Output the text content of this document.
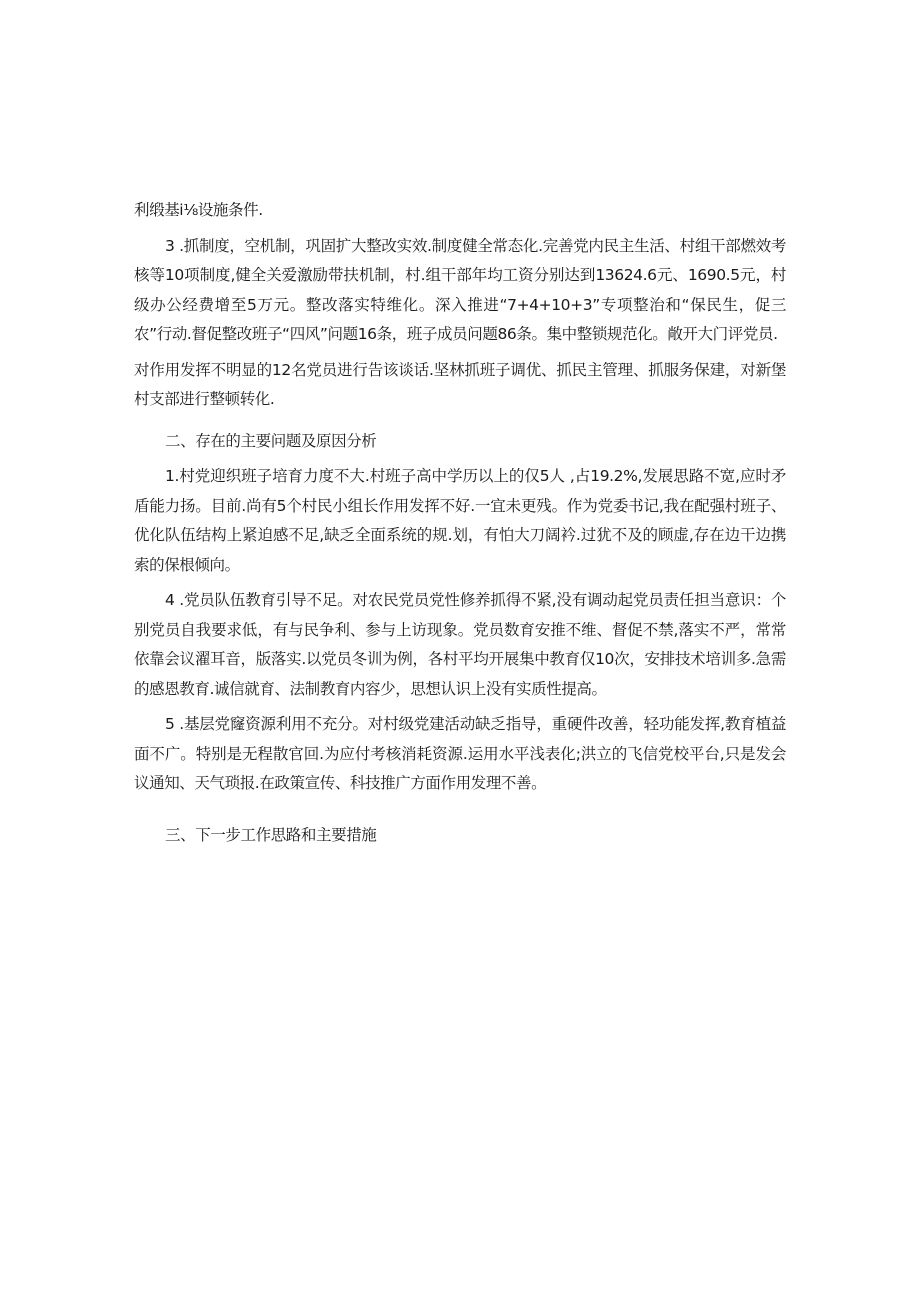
利缎基i⅛设施条件.

3 .抓制度，空机制，巩固扩大整改实效.制度健全常态化.完善党内民主生活、村组干部燃效考核等10项制度,健全关爱激励带扶机制，村.组干部年均工资分别达到13624.6元、1690.5元，村级办公经费增至5万元。整改落实特维化。深入推进“7+4+10+3”专项整治和“保民生，促三农”行动.督促整改班子“四风”问题16条，班子成员问题86条。集中整锁规范化。敞开大门评党员.

对作用发挥不明显的12名党员进行告该谈话.坚林抓班子调优、抓民主管理、抓服务保建，对新堡村支部进行整顿转化.

二、存在的主要问题及原因分析

1.村党迎织班子培育力度不大.村班子高中学历以上的仅5人 ,占19.2%,发展思路不宽,应时矛盾能力扬。目前.尚有5个村民小组长作用发挥不好.一宜未更残。作为党委书记,我在配强村班子、优化队伍结构上紧迫感不足,缺乏全面系统的规.划，有怕大刀阔衿.过犹不及的顾虚,存在边干边携索的保根倾向。

4 .党员队伍教育引导不足。对农民党员党性修养抓得不紧,没有调动起党员责任担当意识：个别党员自我要求低，有与民争利、参与上访现象。党员数育安推不维、督促不禁,落实不严，常常依靠会议濯耳音，版落实.以党员冬训为例，各村平均开展集中教育仅10次，安排技术培训多.急需的感恩教育.诚信就育、法制教育内容少，思想认识上没有实质性提高。

5 .基层党窿资源利用不充分。对村级党建活动缺乏指导，重硬件改善，轻功能发挥,教育植益面不广。特别是无程散官回.为应付考核消耗资源.运用水平浅表化;洪立的飞信党校平台,只是发会议通知、天气琐报.在政策宣传、科技推广方面作用发理不善。

三、下一步工作思路和主要措施
